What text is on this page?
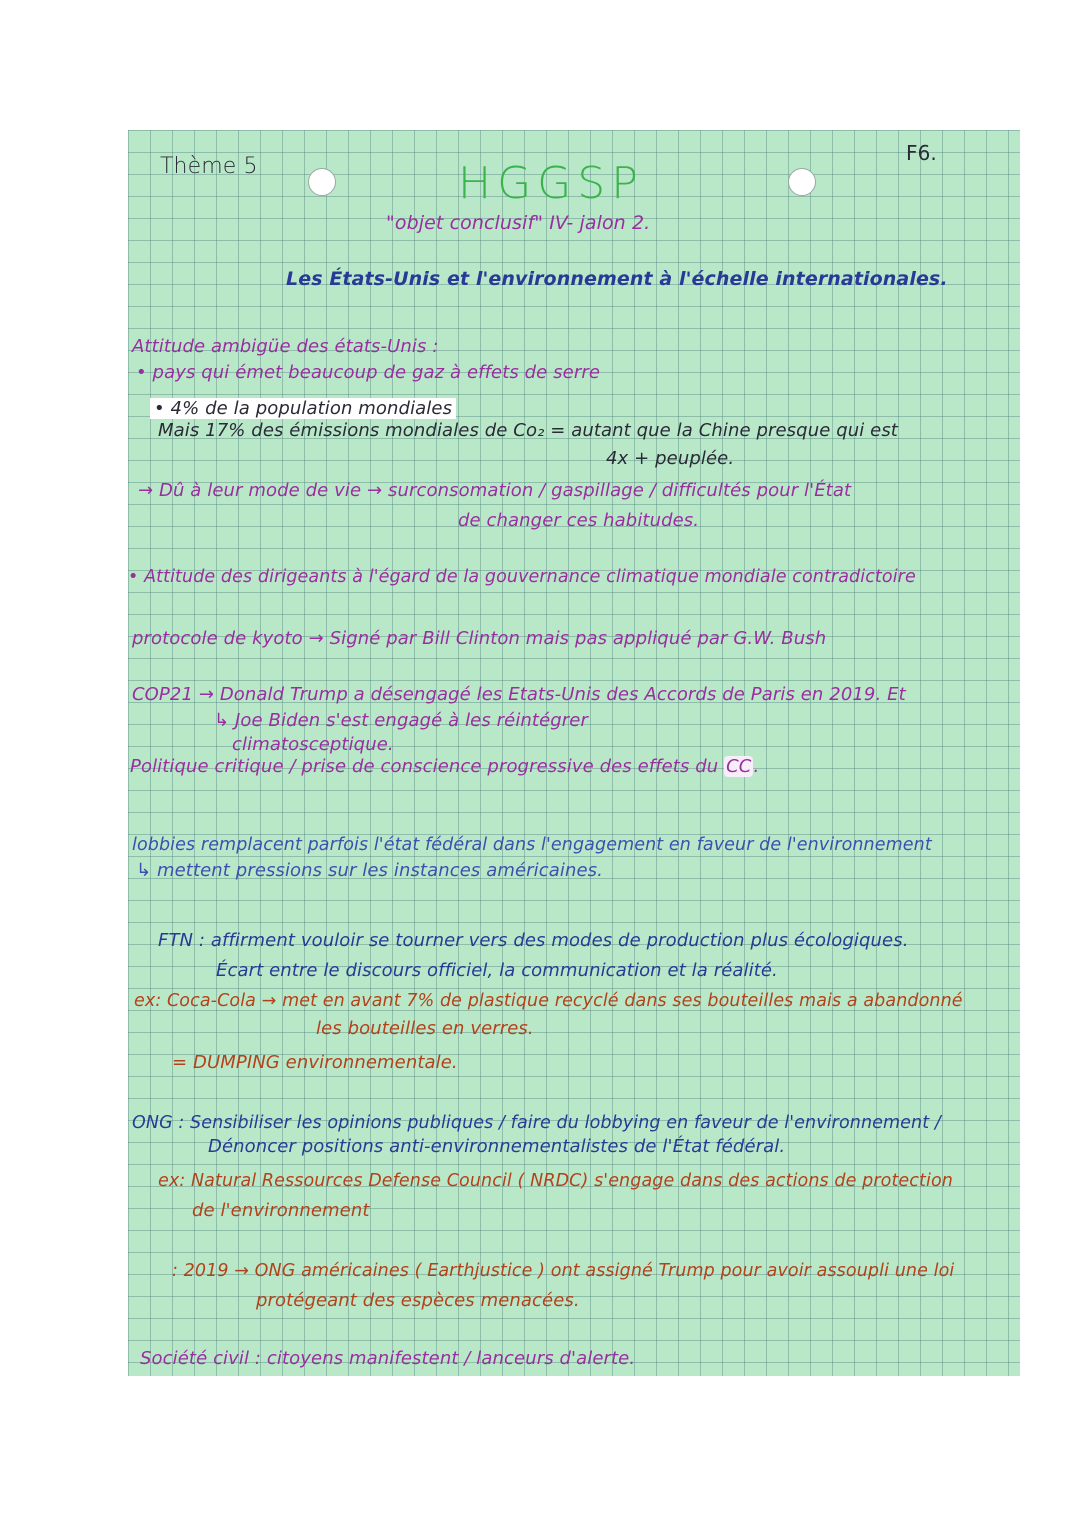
Thème 5	HGGSP
F6.
"objet conclusif" IV- jalon 2.
Les États-Unis et l'environnement à l'échelle internationales.
Attitude ambigüe des états-Unis :
• pays qui émet beaucoup de gaz à effets de serre
• 4% de la population mondiales
Mais 17% des émissions mondiales de Co₂ = autant que la Chine presque qui est
4x + peuplée.
→ Dû à leur mode de vie → surconsomation / gaspillage / difficultés pour l'État
de changer ces habitudes.
• Attitude des dirigeants à l'égard de la gouvernance climatique mondiale contradictoire
protocole de kyoto → Signé par Bill Clinton mais pas appliqué par G.W. Bush
COP21 → Donald Trump a désengagé les Etats-Unis des Accords de Paris en 2019. Et
↳ Joe Biden s'est engagé à les réintégrer
climatosceptique.
Politique critique / prise de conscience progressive des effets du CC .
lobbies remplacent parfois l'état fédéral dans l'engagement en faveur de l'environnement
↳ mettent pressions sur les instances américaines.
FTN : affirment vouloir se tourner vers des modes de production plus écologiques.
Écart entre le discours officiel, la communication et la réalité.
ex: Coca-Cola → met en avant 7% de plastique recyclé dans ses bouteilles mais a abandonné
les bouteilles en verres.
= DUMPING environnementale.
ONG : Sensibiliser les opinions publiques / faire du lobbying en faveur de l'environnement /
Dénoncer positions anti-environnementalistes de l'État fédéral.
ex: Natural Ressources Defense Council ( NRDC) s'engage dans des actions de protection
de l'environnement
: 2019 → ONG américaines ( Earthjustice ) ont assigné Trump pour avoir assoupli une loi
protégeant des espèces menacées.
Société civil : citoyens manifestent / lanceurs d'alerte.
